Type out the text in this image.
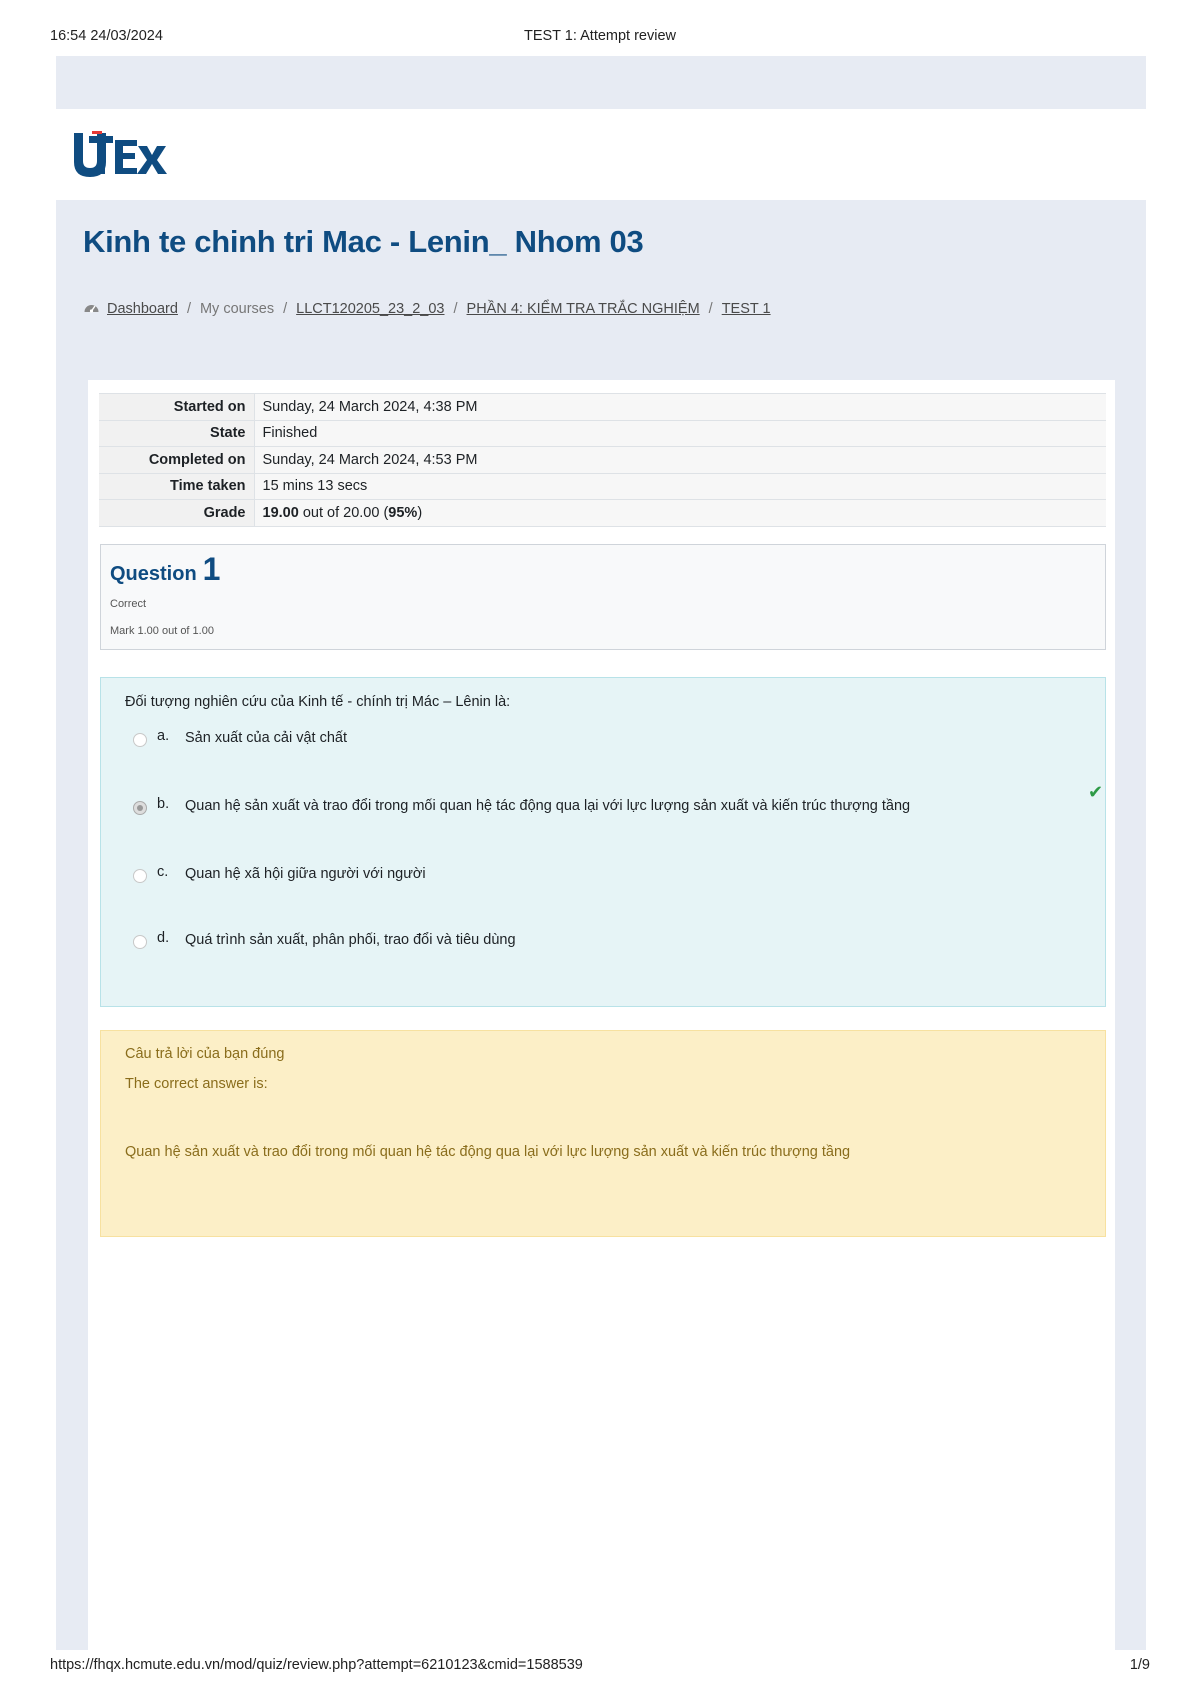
16:54 24/03/2024	TEST 1: Attempt review
Kinh te chinh tri Mac - Lenin_ Nhom 03
Dashboard / My courses / LLCT120205_23_2_03 / PHẦN 4: KIỂM TRA TRẮC NGHIỆM / TEST 1
Started on	Sunday, 24 March 2024, 4:38 PM
State	Finished
Completed on	Sunday, 24 March 2024, 4:53 PM
Time taken	15 mins 13 secs
Grade	19.00 out of 20.00 (95%)
Question 1
Correct
Mark 1.00 out of 1.00
Đối tượng nghiên cứu của Kinh tế - chính trị Mác – Lênin là:
a. Sản xuất của cải vật chất
b. Quan hệ sản xuất và trao đổi trong mối quan hệ tác động qua lại với lực lượng sản xuất và kiến trúc thượng tầng
✔
c. Quan hệ xã hội giữa người với người
d. Quá trình sản xuất, phân phối, trao đổi và tiêu dùng
Câu trả lời của bạn đúng
The correct answer is:
Quan hệ sản xuất và trao đổi trong mối quan hệ tác động qua lại với lực lượng sản xuất và kiến trúc thượng tầng
https://fhqx.hcmute.edu.vn/mod/quiz/review.php?attempt=6210123&cmid=1588539	1/9
